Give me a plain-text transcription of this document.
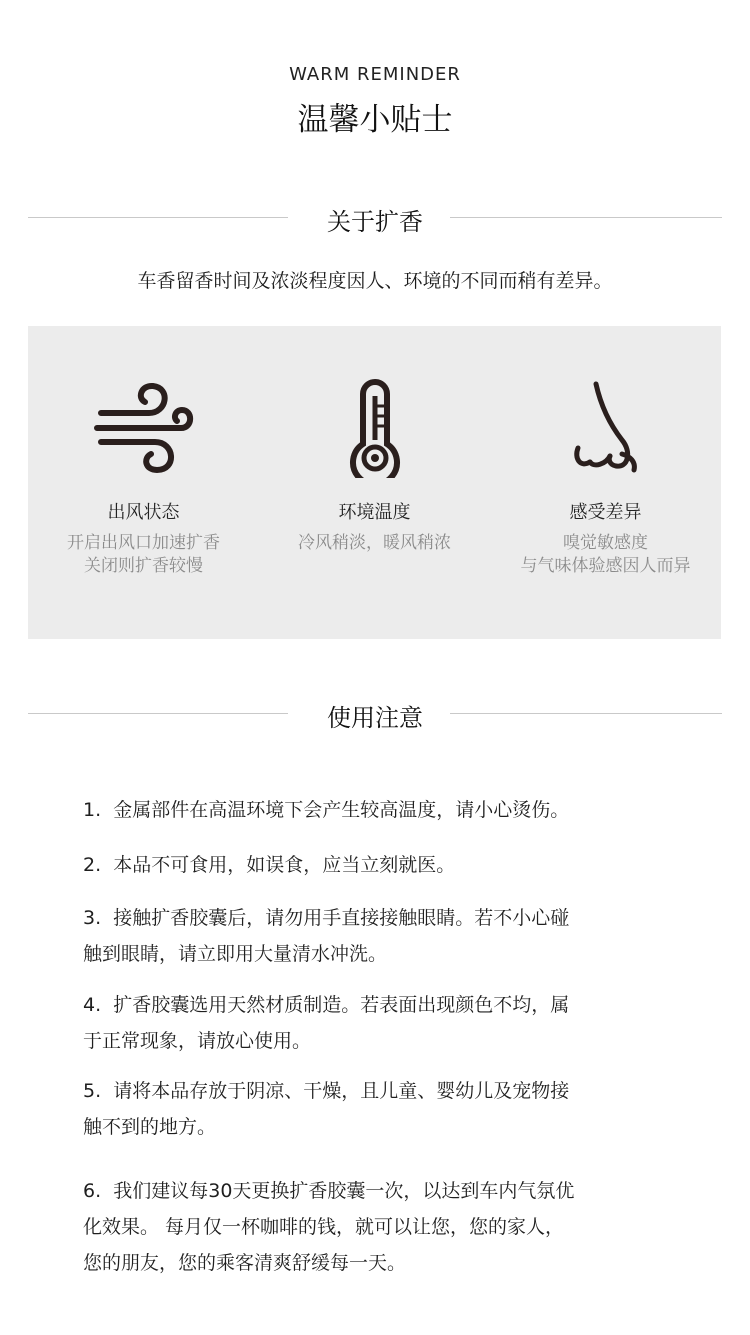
WARM REMINDER
温馨小贴士
关于扩香
车香留香时间及浓淡程度因人、环境的不同而稍有差异。
出风状态
开启出风口加速扩香
关闭则扩香较慢
环境温度
冷风稍淡，暖风稍浓
感受差异
嗅觉敏感度
与气味体验感因人而异
使用注意
1. 金属部件在高温环境下会产生较高温度，请小心烫伤。
2. 本品不可食用，如误食，应当立刻就医。
3. 接触扩香胶囊后，请勿用手直接接触眼睛。若不小心碰
触到眼睛，请立即用大量清水冲洗。
4. 扩香胶囊选用天然材质制造。若表面出现颜色不均，属
于正常现象，请放心使用。
5. 请将本品存放于阴凉、干燥，且儿童、婴幼儿及宠物接
触不到的地方。
6. 我们建议每30天更换扩香胶囊一次，以达到车内气氛优
化效果。 每月仅一杯咖啡的钱，就可以让您，您的家人，
您的朋友，您的乘客清爽舒缓每一天。
